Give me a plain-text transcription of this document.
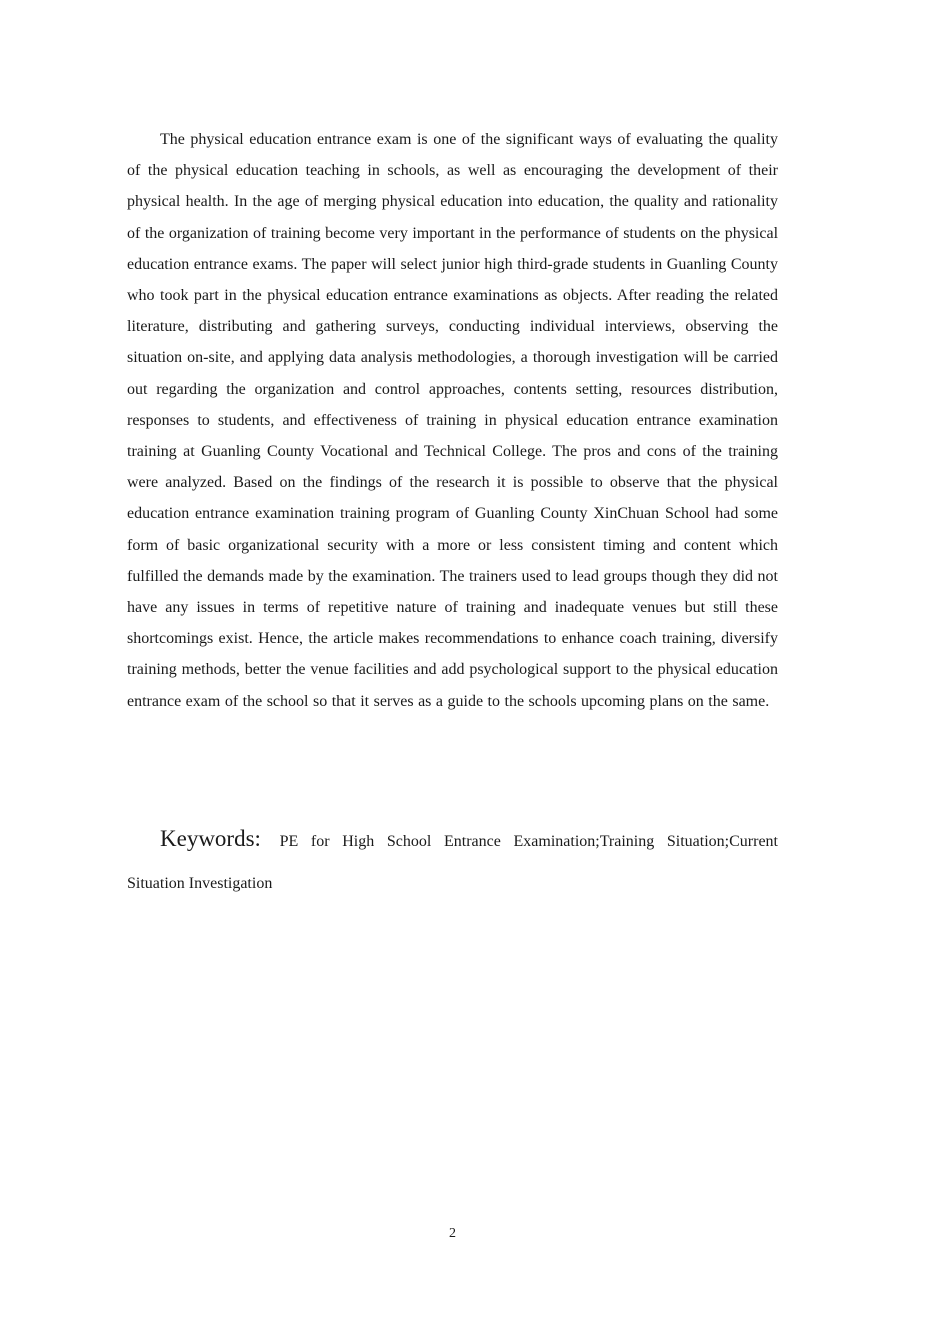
The physical education entrance exam is one of the significant ways of evaluating the quality of the physical education teaching in schools, as well as encouraging the development of their physical health. In the age of merging physical education into education, the quality and rationality of the organization of training become very important in the performance of students on the physical education entrance exams. The paper will select junior high third-grade students in Guanling County who took part in the physical education entrance examinations as objects. After reading the related literature, distributing and gathering surveys, conducting individual interviews, observing the situation on-site, and applying data analysis methodologies, a thorough investigation will be carried out regarding the organization and control approaches, contents setting, resources distribution, responses to students, and effectiveness of training in physical education entrance examination training at Guanling County Vocational and Technical College. The pros and cons of the training were analyzed. Based on the findings of the research it is possible to observe that the physical education entrance examination training program of Guanling County XinChuan School had some form of basic organizational security with a more or less consistent timing and content which fulfilled the demands made by the examination. The trainers used to lead groups though they did not have any issues in terms of repetitive nature of training and inadequate venues but still these shortcomings exist. Hence, the article makes recommendations to enhance coach training, diversify training methods, better the venue facilities and add psychological support to the physical education entrance exam of the school so that it serves as a guide to the schools upcoming plans on the same.

Keywords: PE for High School Entrance Examination;Training Situation;Current Situation Investigation

2
